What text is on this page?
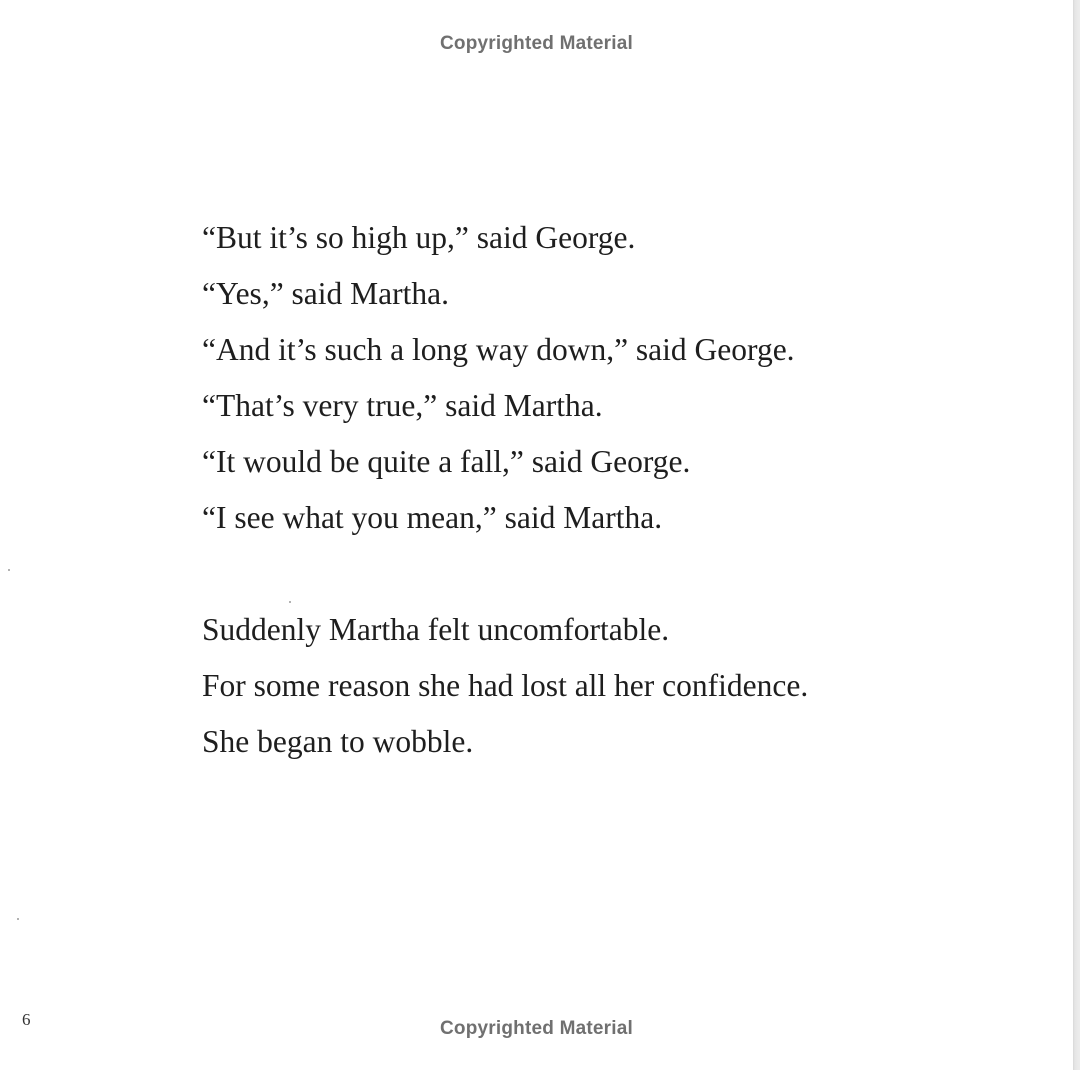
Copyrighted Material
“But it’s so high up,” said George.
“Yes,” said Martha.
“And it’s such a long way down,” said George.
“That’s very true,” said Martha.
“It would be quite a fall,” said George.
“I see what you mean,” said Martha.
Suddenly Martha felt uncomfortable.
For some reason she had lost all her confidence.
She began to wobble.
6	Copyrighted Material
